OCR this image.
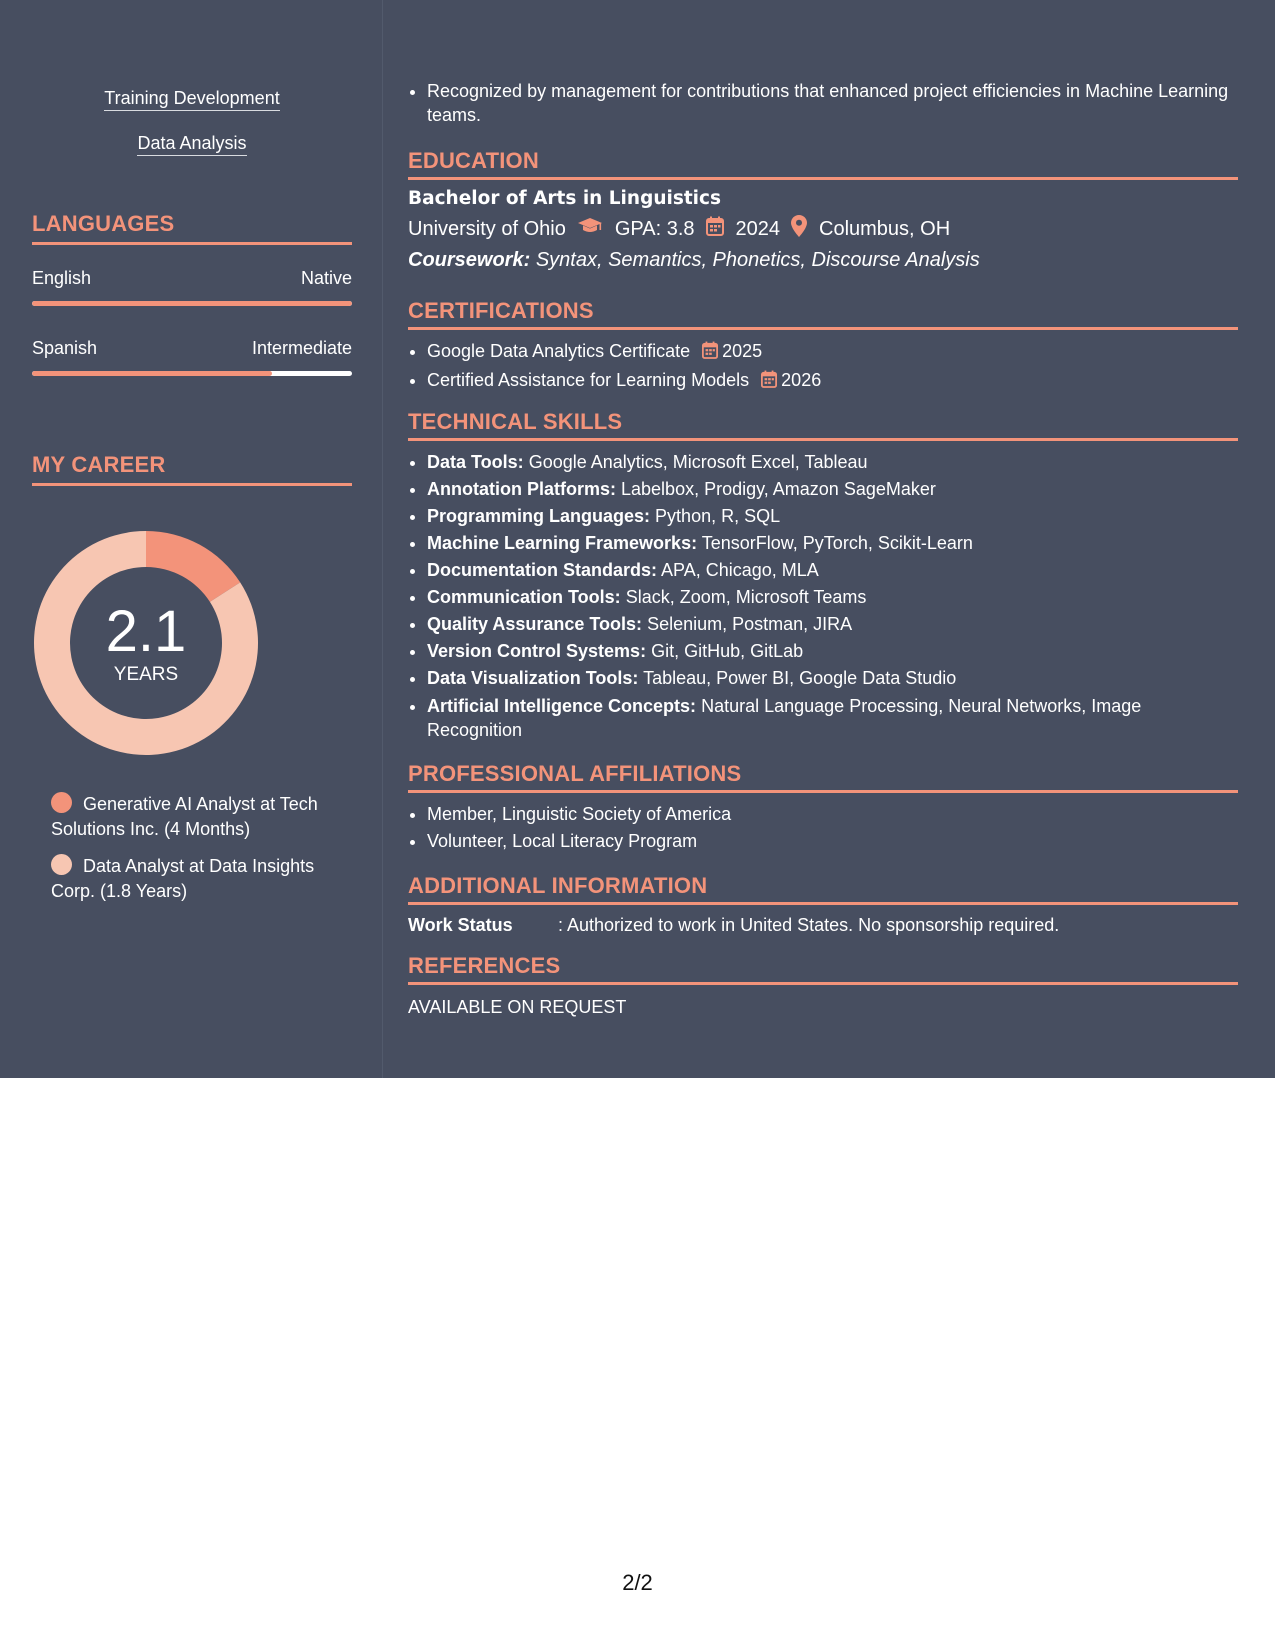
Training Development
Data Analysis
LANGUAGES
English	Native
Spanish	Intermediate
MY CAREER
2.1
YEARS
Generative AI Analyst at Tech Solutions Inc. (4 Months)
Data Analyst at Data Insights Corp. (1.8 Years)
• Recognized by management for contributions that enhanced project efficiencies in Machine Learning teams.
EDUCATION
Bachelor of Arts in Linguistics
University of Ohio GPA: 3.8 2024 Columbus, OH
Coursework: Syntax, Semantics, Phonetics, Discourse Analysis
CERTIFICATIONS
• Google Data Analytics Certificate 2025
• Certified Assistance for Learning Models 2026
TECHNICAL SKILLS
• Data Tools: Google Analytics, Microsoft Excel, Tableau
• Annotation Platforms: Labelbox, Prodigy, Amazon SageMaker
• Programming Languages: Python, R, SQL
• Machine Learning Frameworks: TensorFlow, PyTorch, Scikit-Learn
• Documentation Standards: APA, Chicago, MLA
• Communication Tools: Slack, Zoom, Microsoft Teams
• Quality Assurance Tools: Selenium, Postman, JIRA
• Version Control Systems: Git, GitHub, GitLab
• Data Visualization Tools: Tableau, Power BI, Google Data Studio
• Artificial Intelligence Concepts: Natural Language Processing, Neural Networks, Image Recognition
PROFESSIONAL AFFILIATIONS
• Member, Linguistic Society of America
• Volunteer, Local Literacy Program
ADDITIONAL INFORMATION
Work Status	: Authorized to work in United States. No sponsorship required.
REFERENCES
AVAILABLE ON REQUEST
2/2
